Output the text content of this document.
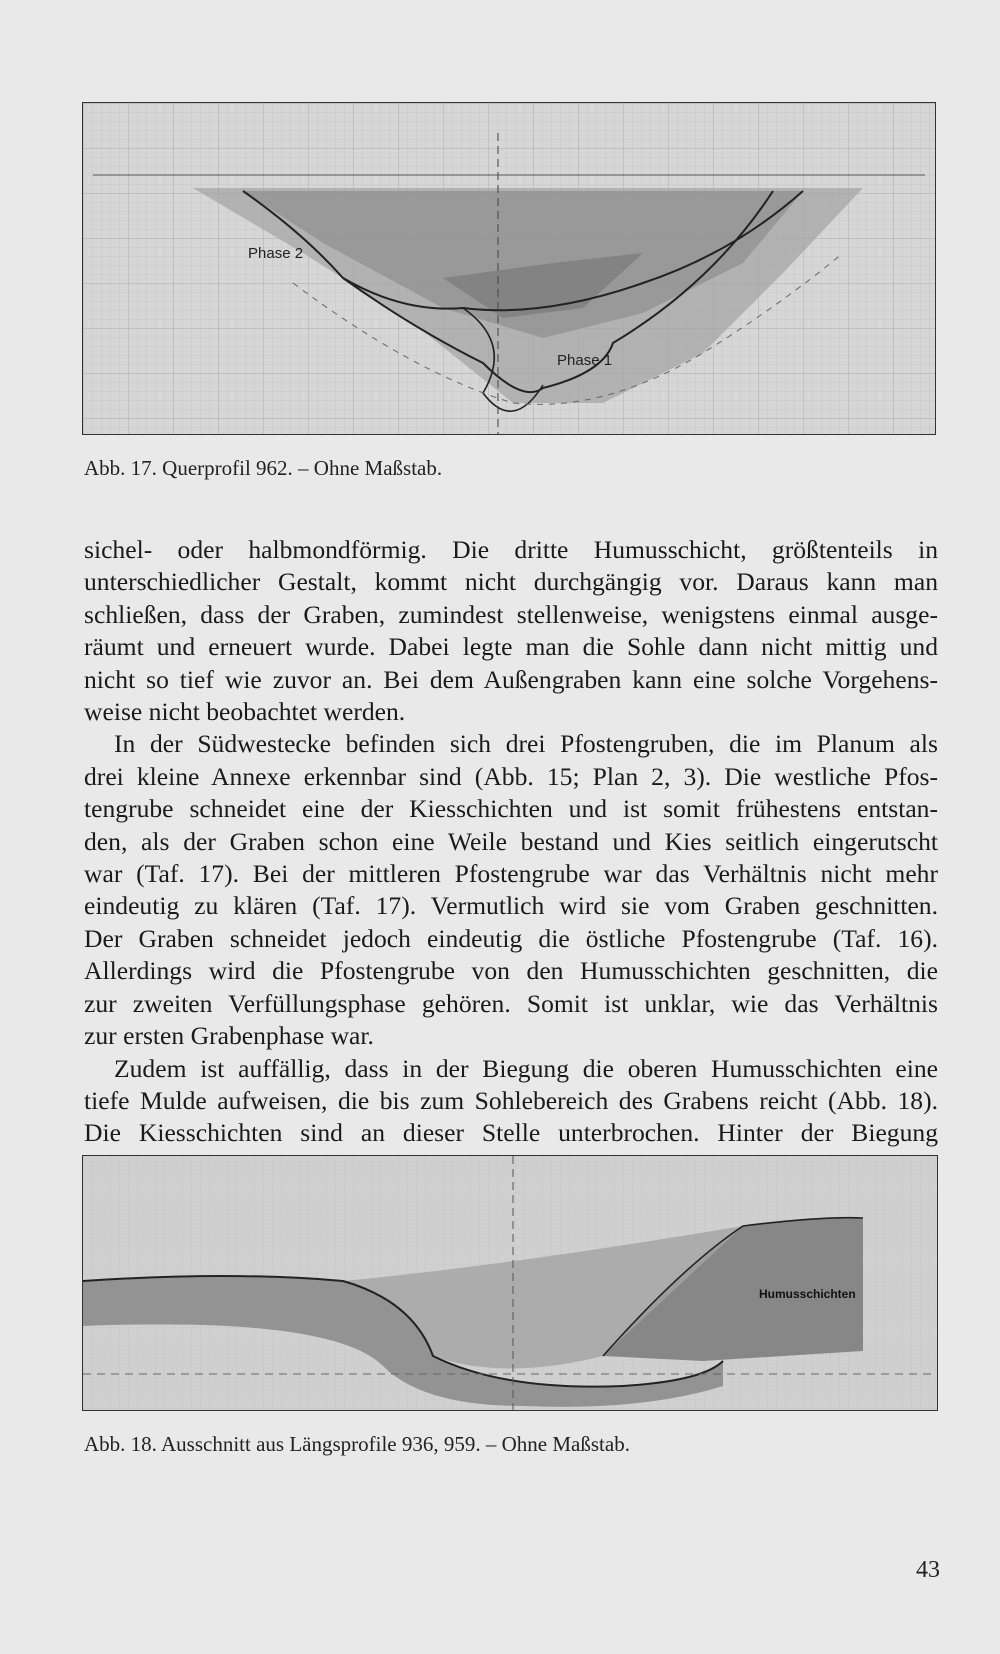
Phase 2
Phase 1
Abb. 17. Querprofil 962. – Ohne Maßstab.

sichel- oder halbmondförmig. Die dritte Humusschicht, größtenteils in
unterschiedlicher Gestalt, kommt nicht durchgängig vor. Daraus kann man
schließen, dass der Graben, zumindest stellenweise, wenigstens einmal ausge-
räumt und erneuert wurde. Dabei legte man die Sohle dann nicht mittig und
nicht so tief wie zuvor an. Bei dem Außengraben kann eine solche Vorgehens-
weise nicht beobachtet werden.

In der Südwestecke befinden sich drei Pfostengruben, die im Planum als
drei kleine Annexe erkennbar sind (Abb. 15; Plan 2, 3). Die westliche Pfos-
tengrube schneidet eine der Kiesschichten und ist somit frühestens entstan-
den, als der Graben schon eine Weile bestand und Kies seitlich eingerutscht
war (Taf. 17). Bei der mittleren Pfostengrube war das Verhältnis nicht mehr
eindeutig zu klären (Taf. 17). Vermutlich wird sie vom Graben geschnitten.
Der Graben schneidet jedoch eindeutig die östliche Pfostengrube (Taf. 16).
Allerdings wird die Pfostengrube von den Humusschichten geschnitten, die
zur zweiten Verfüllungsphase gehören. Somit ist unklar, wie das Verhältnis
zur ersten Grabenphase war.

Zudem ist auffällig, dass in der Biegung die oberen Humusschichten eine
tiefe Mulde aufweisen, die bis zum Sohlebereich des Grabens reicht (Abb. 18).
Die Kiesschichten sind an dieser Stelle unterbrochen. Hinter der Biegung

Humusschichten
Abb. 18. Ausschnitt aus Längsprofile 936, 959. – Ohne Maßstab.
43
